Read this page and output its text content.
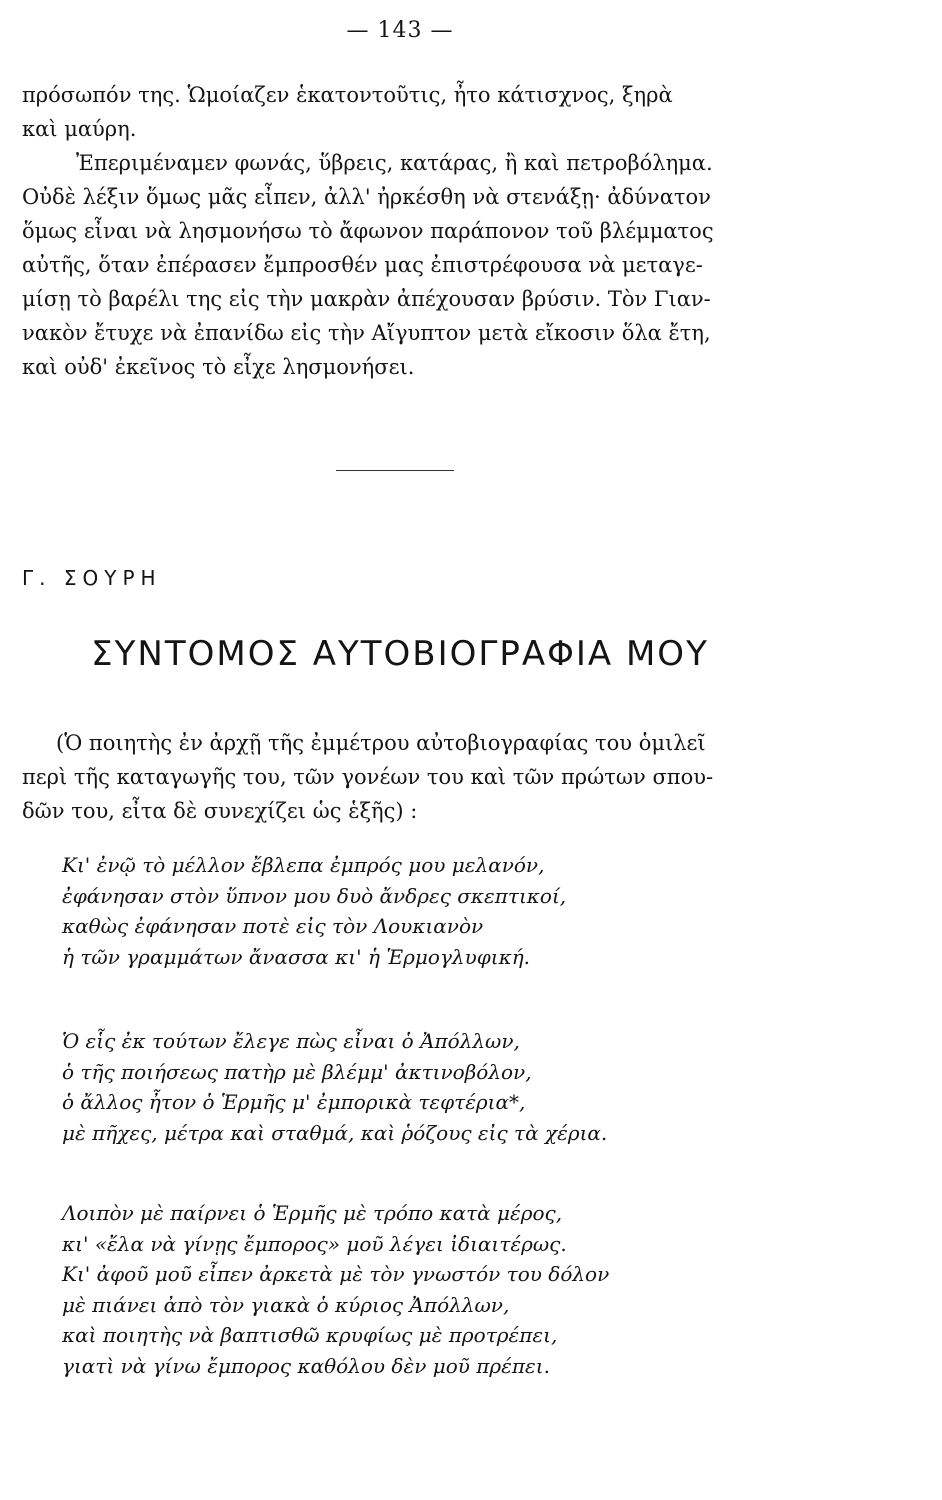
— 143 —

πρόσωπόν της. Ὡμοίαζεν ἑκατοντοῦτις, ἦτο κάτισχνος, ξηρὰ
καὶ μαύρη.

Ἐπεριμέναμεν φωνάς, ὕβρεις, κατάρας, ἢ καὶ πετροβόλημα.
Οὐδὲ λέξιν ὅμως μᾶς εἶπεν, ἀλλ' ἠρκέσθη νὰ στενάξῃ· ἀδύνατον
ὅμως εἶναι νὰ λησμονήσω τὸ ἄφωνον παράπονον τοῦ βλέμματος
αὐτῆς, ὅταν ἐπέρασεν ἔμπροσθέν μας ἐπιστρέφουσα νὰ μεταγε-
μίσῃ τὸ βαρέλι της εἰς τὴν μακρὰν ἀπέχουσαν βρύσιν. Τὸν Γιαν-
νακὸν ἔτυχε νὰ ἐπανίδω εἰς τὴν Αἴγυπτον μετὰ εἴκοσιν ὅλα ἔτη,
καὶ οὐδ' ἐκεῖνος τὸ εἶχε λησμονήσει.

Γ. ΣΟΥΡΗ
ΣΥΝΤΟΜΟΣ ΑΥΤΟΒΙΟΓΡΑΦΙΑ ΜΟΥ
(Ὁ ποιητὴς ἐν ἀρχῇ τῆς ἐμμέτρου αὐτοβιογραφίας του ὁμιλεῖ
περὶ τῆς καταγωγῆς του, τῶν γονέων του καὶ τῶν πρώτων σπου-
δῶν του, εἶτα δὲ συνεχίζει ὡς ἑξῆς) :
Κι' ἐνῷ τὸ μέλλον ἔβλεπα ἐμπρός μου μελανόν,
ἐφάνησαν στὸν ὕπνον μου δυὸ ἄνδρες σκεπτικοί,
καθὼς ἐφάνησαν ποτὲ εἰς τὸν Λουκιανὸν
ἡ τῶν γραμμάτων ἄνασσα κι' ἡ Ἑρμογλυφική.
Ὁ εἷς ἐκ τούτων ἔλεγε πὼς εἶναι ὁ Ἀπόλλων,
ὁ τῆς ποιήσεως πατὴρ μὲ βλέμμ' ἀκτινοβόλον,
ὁ ἄλλος ἦτον ὁ Ἑρμῆς μ' ἐμπορικὰ τεφτέρια*,
μὲ πῆχες, μέτρα καὶ σταθμά, καὶ ῥόζους εἰς τὰ χέρια.
Λοιπὸν μὲ παίρνει ὁ Ἑρμῆς μὲ τρόπο κατὰ μέρος,
κι' «ἔλα νὰ γίνῃς ἔμπορος» μοῦ λέγει ἰδιαιτέρως.
Κι' ἀφοῦ μοῦ εἶπεν ἀρκετὰ μὲ τὸν γνωστόν του δόλον
μὲ πιάνει ἀπὸ τὸν γιακὰ ὁ κύριος Ἀπόλλων,
καὶ ποιητὴς νὰ βαπτισθῶ κρυφίως μὲ προτρέπει,
γιατὶ νὰ γίνω ἔμπορος καθόλου δὲν μοῦ πρέπει.
